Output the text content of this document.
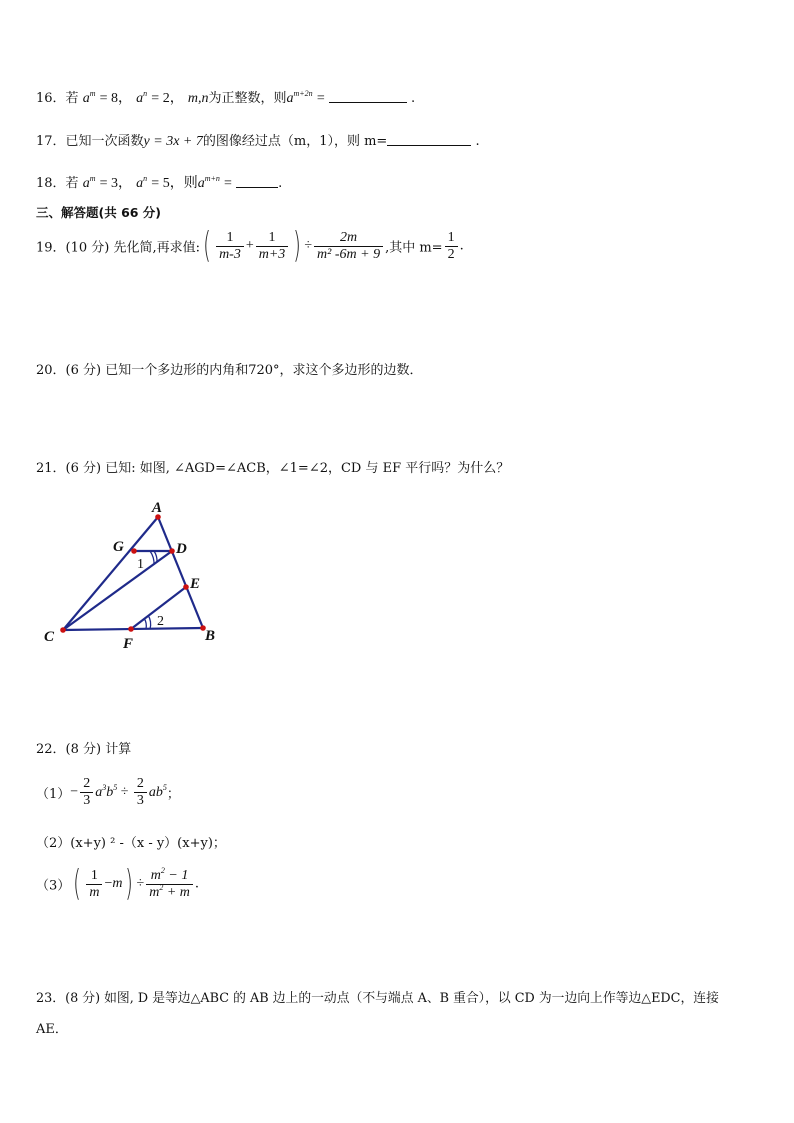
16．若 $a^m = 8$， $a^n = 2$， m,n为正整数，则$a^{m+2n}$ =	.
17．已知一次函数y = 3x + 7的图像经过点（m，1），则 m=	.
18．若 $a^m = 3$， $a^n = 5$，则$a^{m+n}$ =	.
三、解答题(共 66 分)
19．(10 分) 先化简,再求值:( $\frac{1}{m-3} + \frac{1}{m+3}$ ) ÷ $\frac{2m}{\text{m² -6m + 9}}$ ,其中 $m= \frac{1}{2}$ .
20．(6 分) 已知一个多边形的内角和720°，求这个多边形的边数．
21．(6 分) 已知: 如图, ∠AGD=∠ACB，∠1=∠2，CD 与 EF 平行吗？为什么？
A
G	D
E
C	F	B
1
2
22．(8 分) 计算
$(1)- \frac{2}{3} a^3b^5 \div \frac{2}{3} ab^5$；
（2）(x+y) ² -（x - y）(x+y)；
$(3)( \frac{1}{m} -m) \div \frac{m^2 - 1}{m^2 + m}$ .
23．(8 分) 如图, D 是等边△ABC 的 AB 边上的一动点（不与端点 A、B 重合），以 CD 为一边向上作等边△EDC，连接
AE．
